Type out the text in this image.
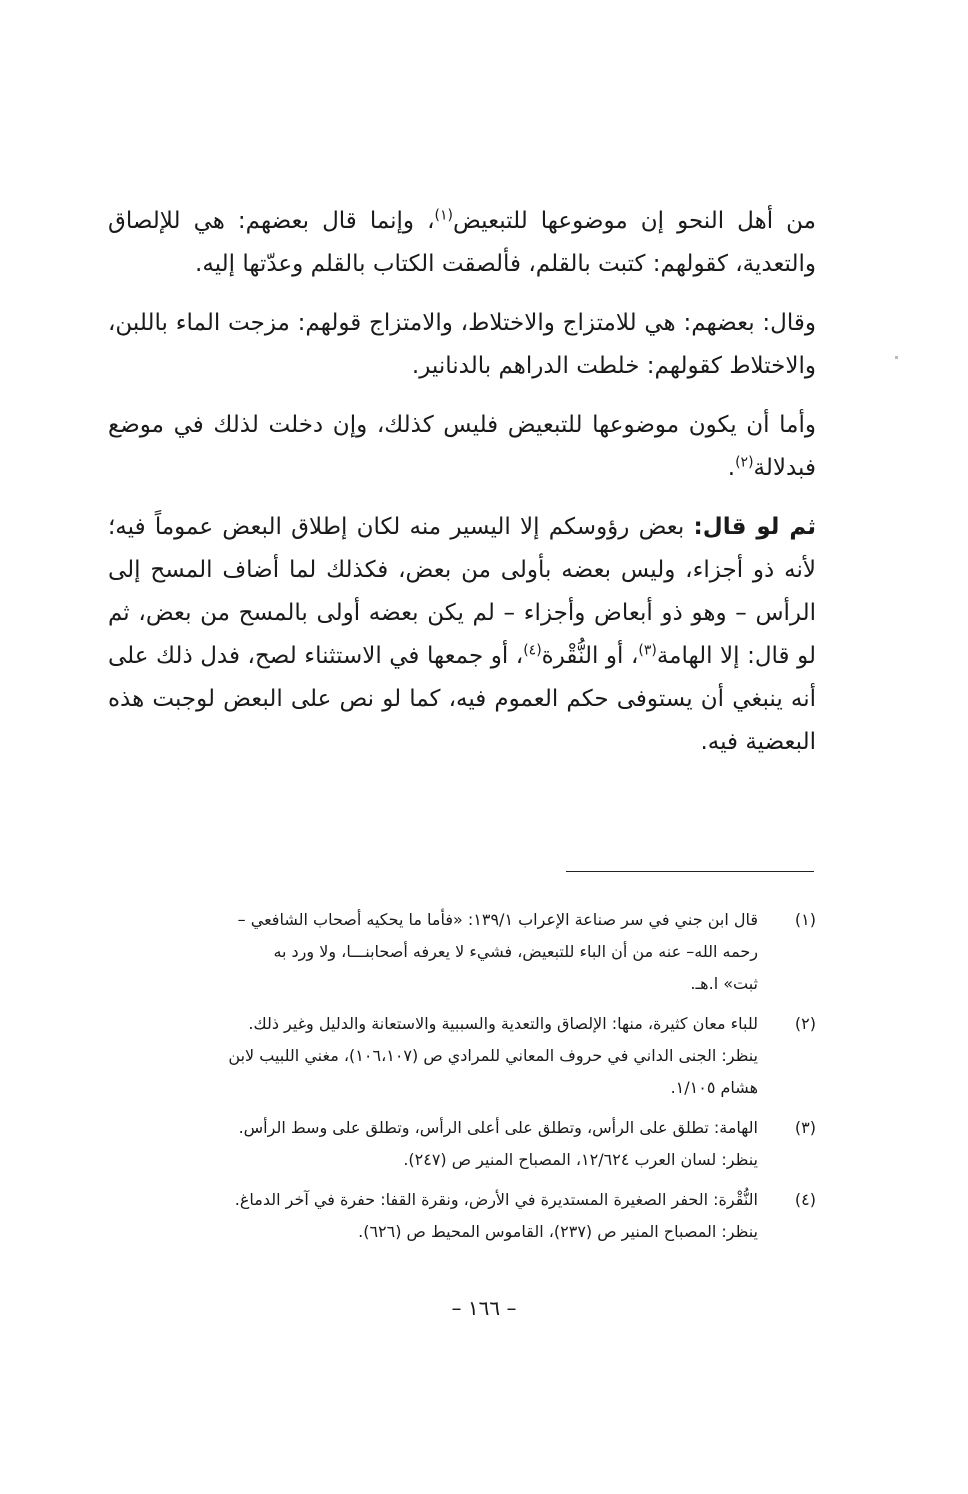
من أهل النحو إن موضوعها للتبعيض$^{(١)}$، وإنما قال بعضهم: هي للإلصاق والتعدية، كقولهم: كتبت بالقلم، فألصقت الكتاب بالقلم وعدّتها إليه.

وقال: بعضهم: هي للامتزاج والاختلاط، والامتزاج قولهم: مزجت الماء باللبن، والاختلاط كقولهم: خلطت الدراهم بالدنانير.

وأما أن يكون موضوعها للتبعيض فليس كذلك، وإن دخلت لذلك في موضع فبدلالة$^{(٢)}$.

ثم لو قال: بعض رؤوسكم إلا اليسير منه لكان إطلاق البعض عموماً فيه؛ لأنه ذو أجزاء، وليس بعضه بأولى من بعض، فكذلك لما أضاف المسح إلى الرأس – وهو ذو أبعاض وأجزاء – لم يكن بعضه أولى بالمسح من بعض، ثم لو قال: إلا الهامة$^{(٣)}$، أو النُّقْرة$^{(٤)}$، أو جمعها في الاستثناء لصح، فدل ذلك على أنه ينبغي أن يستوفى حكم العموم فيه، كما لو نص على البعض لوجبت هذه البعضية فيه.

(١)
قال ابن جني في سر صناعة الإعراب ١٣٩/١: «فأما ما يحكيه أصحاب الشافعي –
رحمه الله– عنه من أن الباء للتبعيض، فشيء لا يعرفه أصحابنـــا، ولا ورد به
ثبت» ا.هـ.
(٢)
للباء معان كثيرة، منها: الإلصاق والتعدية والسببية والاستعانة والدليل وغير ذلك.
ينظر: الجنى الداني في حروف المعاني للمرادي ص (١٠٦،١٠٧)، مغني اللبيب لابن
هشام ١/١٠٥.
(٣)
الهامة: تطلق على الرأس، وتطلق على أعلى الرأس، وتطلق على وسط الرأس.
ينظر: لسان العرب ١٢/٦٢٤، المصباح المنير ص (٢٤٧).
(٤)
النُّقْرة: الحفر الصغيرة المستديرة في الأرض، ونقرة القفا: حفرة في آخر الدماغ.
ينظر: المصباح المنير ص (٢٣٧)، القاموس المحيط ص (٦٢٦).
– ١٦٦ –
